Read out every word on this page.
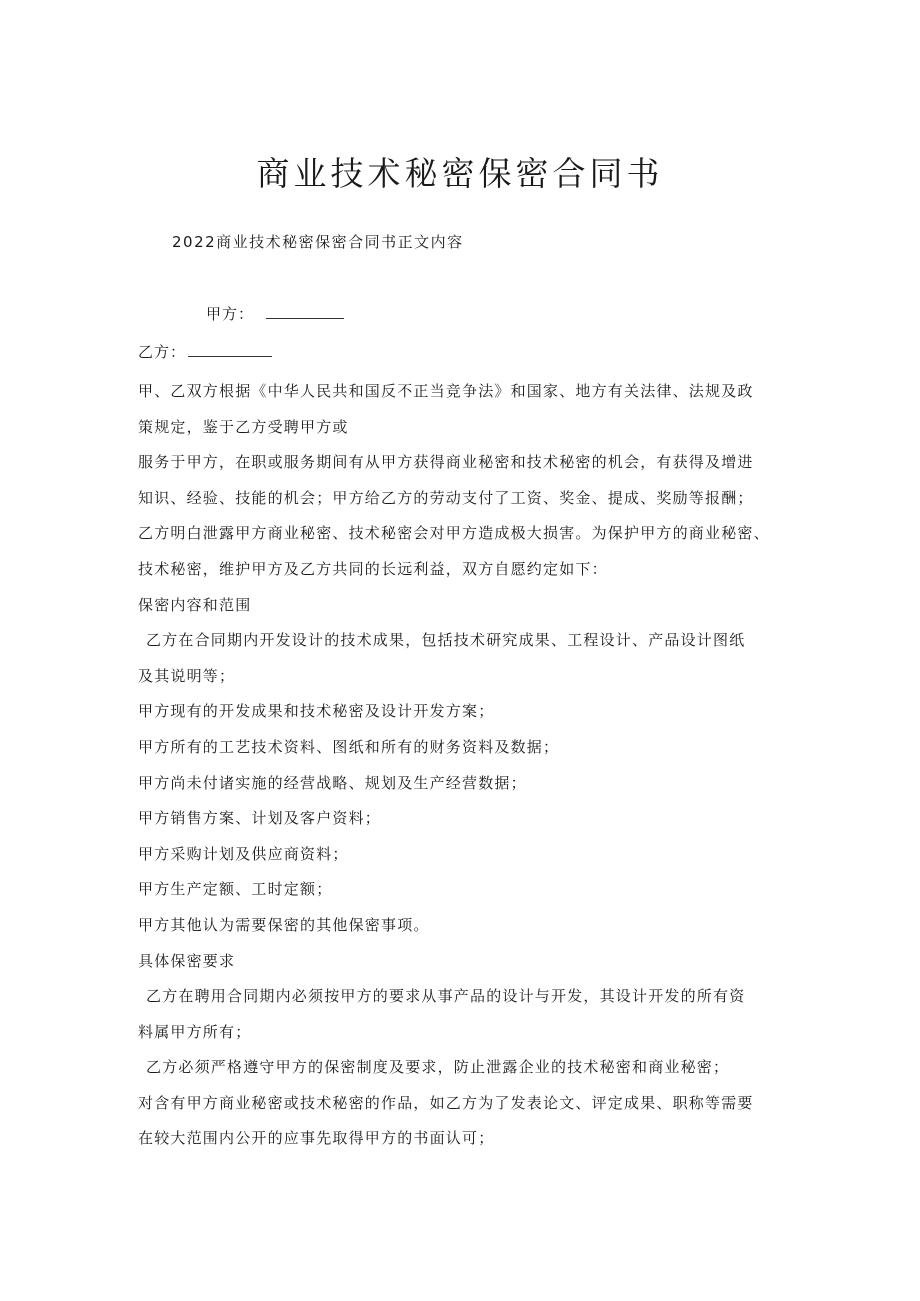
商业技术秘密保密合同书
2022商业技术秘密保密合同书正文内容
甲方：
乙方：

甲、乙双方根据《中华人民共和国反不正当竞争法》和国家、地方有关法律、法规及政

策规定，鉴于乙方受聘甲方或

服务于甲方，在职或服务期间有从甲方获得商业秘密和技术秘密的机会，有获得及增进

知识、经验、技能的机会；甲方给乙方的劳动支付了工资、奖金、提成、奖励等报酬；

乙方明白泄露甲方商业秘密、技术秘密会对甲方造成极大损害。为保护甲方的商业秘密、

技术秘密，维护甲方及乙方共同的长远利益，双方自愿约定如下：

保密内容和范围

乙方在合同期内开发设计的技术成果，包括技术研究成果、工程设计、产品设计图纸

及其说明等；

甲方现有的开发成果和技术秘密及设计开发方案；

甲方所有的工艺技术资料、图纸和所有的财务资料及数据；

甲方尚未付诸实施的经营战略、规划及生产经营数据；

甲方销售方案、计划及客户资料；

甲方采购计划及供应商资料；

甲方生产定额、工时定额；

甲方其他认为需要保密的其他保密事项。

具体保密要求

乙方在聘用合同期内必须按甲方的要求从事产品的设计与开发，其设计开发的所有资

料属甲方所有；

乙方必须严格遵守甲方的保密制度及要求，防止泄露企业的技术秘密和商业秘密；

对含有甲方商业秘密或技术秘密的作品，如乙方为了发表论文、评定成果、职称等需要

在较大范围内公开的应事先取得甲方的书面认可；
